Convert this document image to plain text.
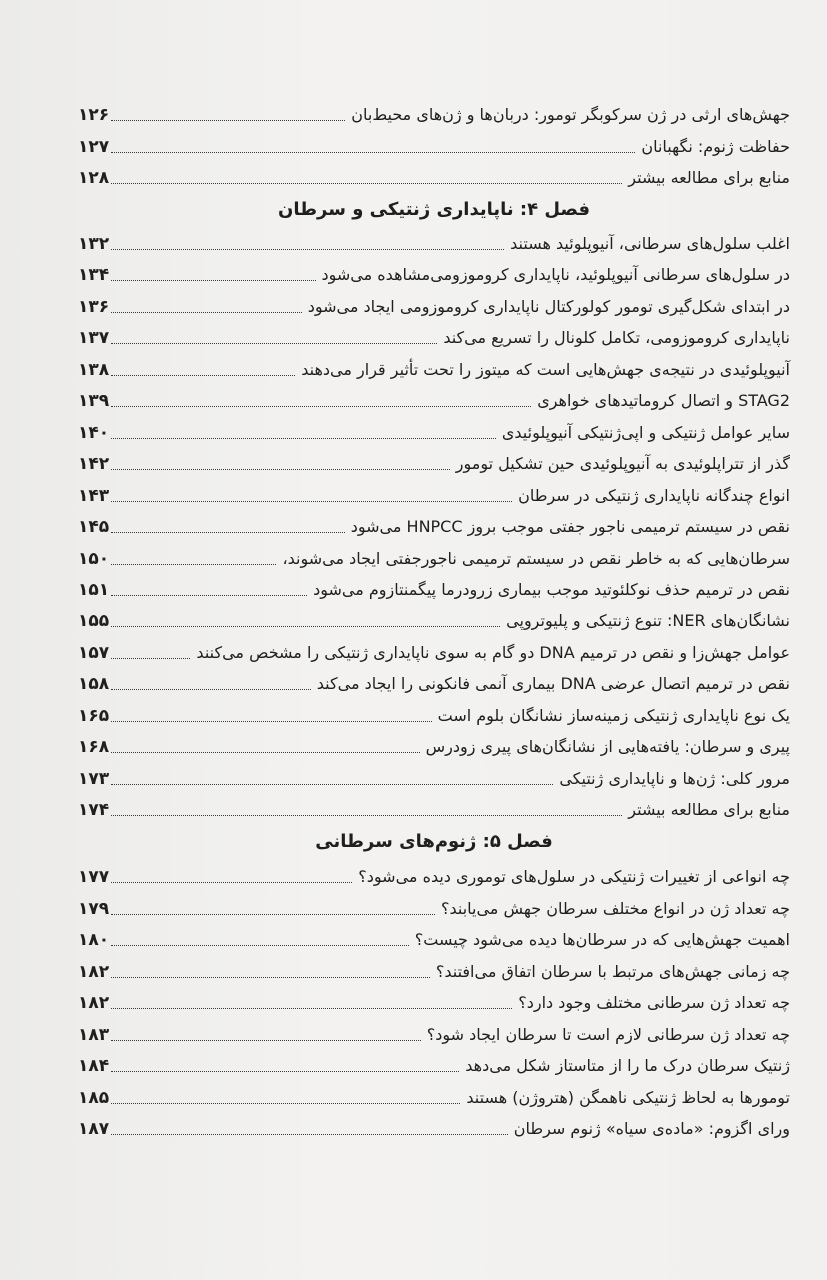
جهش‌های ارثی در ژن سرکوبگر تومور: دربان‌ها و ژن‌های محیط‌بان
۱۲۶
حفاظت ژنوم: نگهبانان
۱۲۷
منابع برای مطالعه بیشتر
۱۲۸
فصل ۴: ناپایداری ژنتیکی و سرطان
اغلب سلول‌های سرطانی، آنیوپلوئید هستند
۱۳۲
در سلول‌های سرطانی آنیوپلوئید، ناپایداری کروموزومی‌مشاهده می‌شود
۱۳۴
در ابتدای شکل‌گیری تومور کولورکتال ناپایداری کروموزومی ایجاد می‌شود
۱۳۶
ناپایداری کروموزومی، تکامل کلونال را تسریع می‌کند
۱۳۷
آنیوپلوئیدی در نتیجه‌ی جهش‌هایی است که میتوز را تحت تأثیر قرار می‌دهند
۱۳۸
STAG2 و اتصال کروماتیدهای خواهری
۱۳۹
سایر عوامل ژنتیکی و اپی‌ژنتیکی آنیوپلوئیدی
۱۴۰
گذر از تتراپلوئیدی به آنیوپلوئیدی حین تشکیل تومور
۱۴۲
انواع چندگانه ناپایداری ژنتیکی در سرطان
۱۴۳
نقص در سیستم ترمیمی ناجور جفتی موجب بروز HNPCC می‌شود
۱۴۵
سرطان‌هایی که به خاطر نقص در سیستم ترمیمی ناجورجفتی ایجاد می‌شوند،
۱۵۰
نقص در ترمیم حذف نوکلئوتید موجب بیماری زرودرما پیگمنتازوم می‌شود
۱۵۱
نشانگان‌های NER: تنوع ژنتیکی و پلیوتروپی
۱۵۵
عوامل جهش‌زا و نقص در ترمیم DNA دو گام به سوی ناپایداری ژنتیکی را مشخص می‌کنند
۱۵۷
نقص در ترمیم اتصال عرضی DNA بیماری آنمی فانکونی را ایجاد می‌کند
۱۵۸
یک نوع ناپایداری ژنتیکی زمینه‌ساز نشانگان بلوم است
۱۶۵
پیری و سرطان: یافته‌هایی از نشانگان‌های پیری زودرس
۱۶۸
مرور کلی: ژن‌ها و ناپایداری ژنتیکی
۱۷۳
منابع برای مطالعه بیشتر
۱۷۴
فصل ۵: ژنوم‌های سرطانی
چه انواعی از تغییرات ژنتیکی در سلول‌های توموری دیده می‌شود؟
۱۷۷
چه تعداد ژن در انواع مختلف سرطان جهش می‌یابند؟
۱۷۹
اهمیت جهش‌هایی که در سرطان‌ها دیده می‌شود چیست؟
۱۸۰
چه زمانی جهش‌های مرتبط با سرطان اتفاق می‌افتند؟
۱۸۲
چه تعداد ژن سرطانی مختلف وجود دارد؟
۱۸۲
چه تعداد ژن سرطانی لازم است تا سرطان ایجاد شود؟
۱۸۳
ژنتیک سرطان درک ما را از متاستاز شکل می‌دهد
۱۸۴
تومورها به لحاظ ژنتیکی ناهمگن (هتروژن) هستند
۱۸۵
ورای اگزوم: «ماده‌ی سیاه» ژنوم سرطان
۱۸۷
